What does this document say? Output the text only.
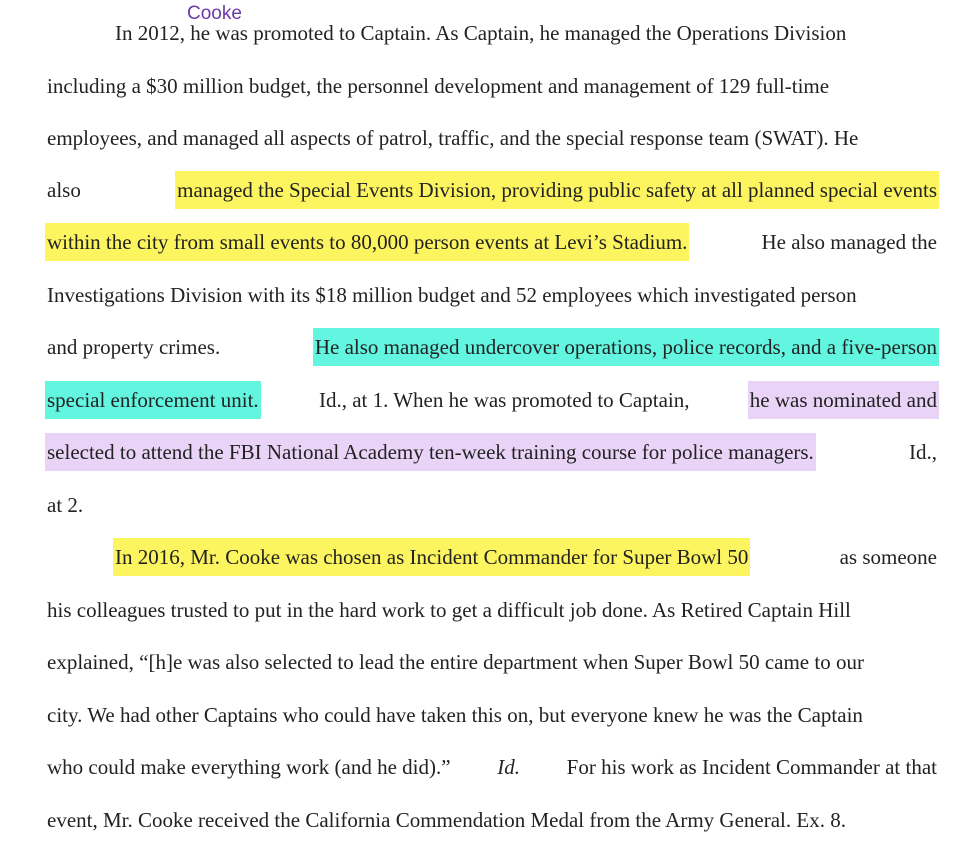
Cooke
In 2012, he was promoted to Captain. As Captain, he managed the Operations Division
including a $30 million budget, the personnel development and management of 129 full-time
employees, and managed all aspects of patrol, traffic, and the special response team (SWAT). He
also	managed the Special Events Division, providing public safety at all planned special events
within the city from small events to 80,000 person events at Levi’s Stadium.	He also managed the
Investigations Division with its $18 million budget and 52 employees which investigated person
and property crimes.	He also managed undercover operations, police records, and a five-person
special enforcement unit.	Id., at 1. When he was promoted to Captain,	he was nominated and
selected to attend the FBI National Academy ten-week training course for police managers.	Id.,
at 2.
In 2016, Mr. Cooke was chosen as Incident Commander for Super Bowl 50	as someone
his colleagues trusted to put in the hard work to get a difficult job done. As Retired Captain Hill
explained, “[h]e was also selected to lead the entire department when Super Bowl 50 came to our
city. We had other Captains who could have taken this on, but everyone knew he was the Captain
who could make everything work (and he did).” Id. For his work as Incident Commander at that
event, Mr. Cooke received the California Commendation Medal from the Army General. Ex. 8.
